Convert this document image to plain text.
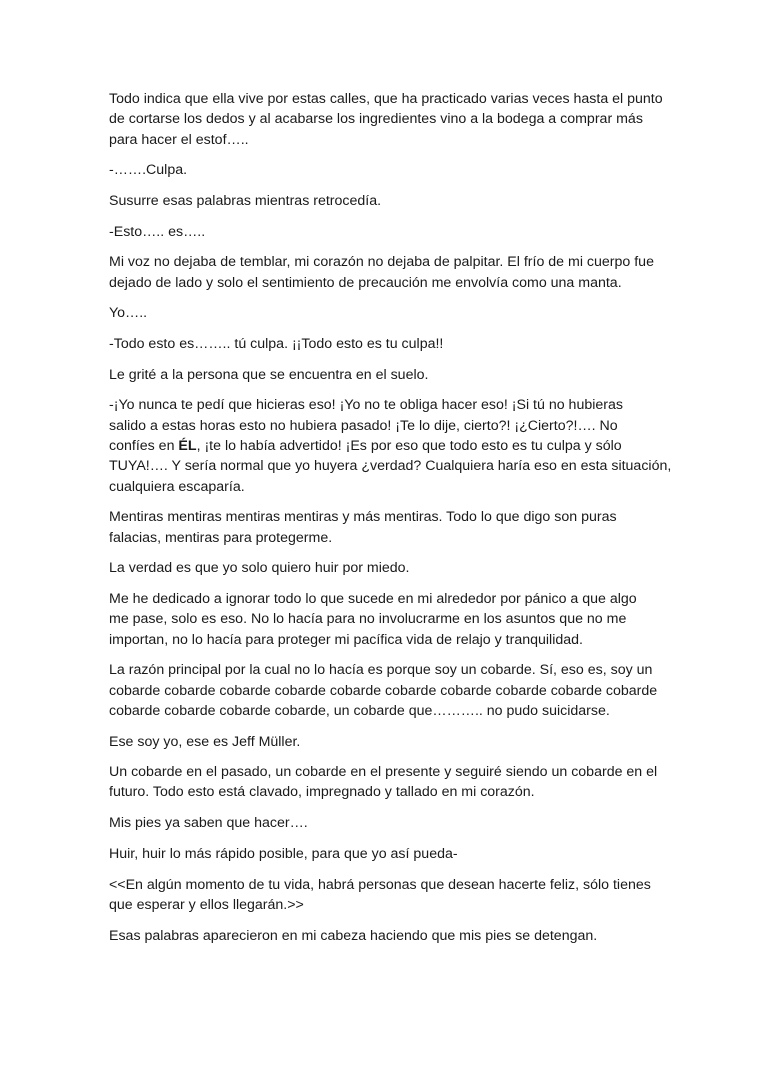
Todo indica que ella vive por estas calles, que ha practicado varias veces hasta el punto
de cortarse los dedos y al acabarse los ingredientes vino a la bodega a comprar más
para hacer el estof…..

-…….Culpa.

Susurre esas palabras mientras retrocedía.

-Esto….. es…..

Mi voz no dejaba de temblar, mi corazón no dejaba de palpitar. El frío de mi cuerpo fue
dejado de lado y solo el sentimiento de precaución me envolvía como una manta.

Yo…..

-Todo esto es…….. tú culpa. ¡¡Todo esto es tu culpa!!

Le grité a la persona que se encuentra en el suelo.

-¡Yo nunca te pedí que hicieras eso! ¡Yo no te obliga hacer eso! ¡Si tú no hubieras
salido a estas horas esto no hubiera pasado! ¡Te lo dije, cierto?! ¡¿Cierto?!…. No
confíes en ÉL, ¡te lo había advertido! ¡Es por eso que todo esto es tu culpa y sólo
TUYA!…. Y sería normal que yo huyera ¿verdad? Cualquiera haría eso en esta situación,
cualquiera escaparía.

Mentiras mentiras mentiras mentiras y más mentiras. Todo lo que digo son puras
falacias, mentiras para protegerme.

La verdad es que yo solo quiero huir por miedo.

Me he dedicado a ignorar todo lo que sucede en mi alrededor por pánico a que algo
me pase, solo es eso. No lo hacía para no involucrarme en los asuntos que no me
importan, no lo hacía para proteger mi pacífica vida de relajo y tranquilidad.

La razón principal por la cual no lo hacía es porque soy un cobarde. Sí, eso es, soy un
cobarde cobarde cobarde cobarde cobarde cobarde cobarde cobarde cobarde cobarde
cobarde cobarde cobarde cobarde, un cobarde que……….. no pudo suicidarse.

Ese soy yo, ese es Jeff Müller.

Un cobarde en el pasado, un cobarde en el presente y seguiré siendo un cobarde en el
futuro. Todo esto está clavado, impregnado y tallado en mi corazón.

Mis pies ya saben que hacer….

Huir, huir lo más rápido posible, para que yo así pueda-

<<En algún momento de tu vida, habrá personas que desean hacerte feliz, sólo tienes
que esperar y ellos llegarán.>>

Esas palabras aparecieron en mi cabeza haciendo que mis pies se detengan.
